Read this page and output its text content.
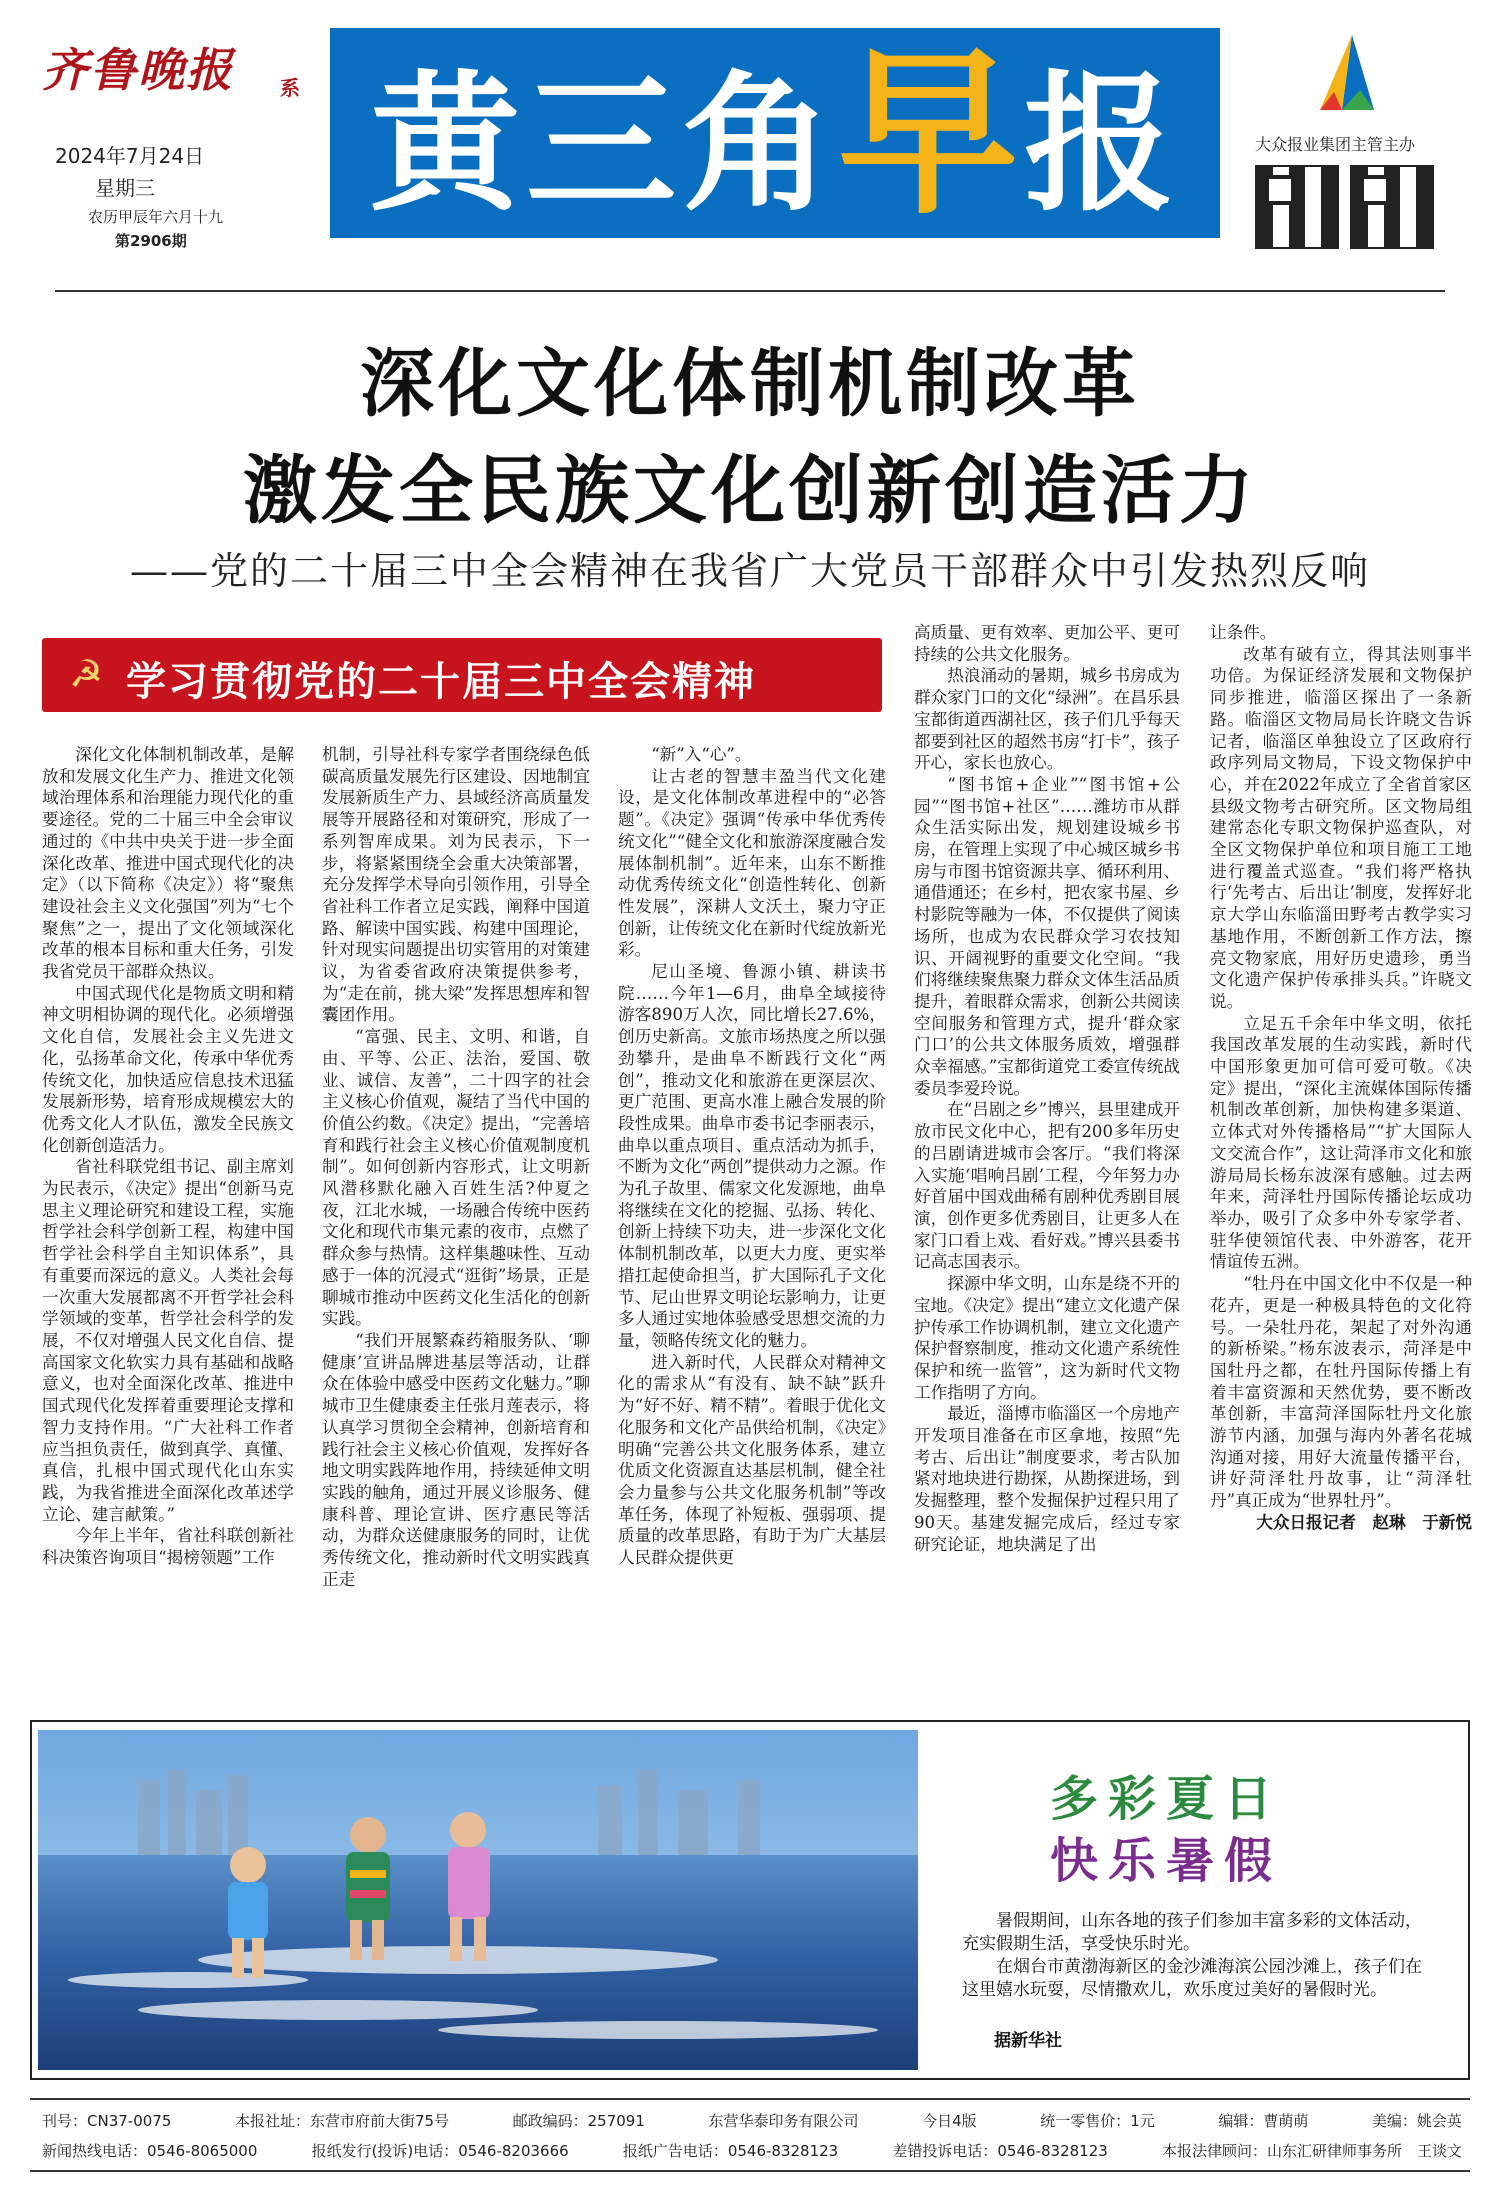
齐鲁晚报 系
2024年7月24日
星期三
农历甲辰年六月十九
第2906期
黄三角早报	大众报业集团主管主办
深化文化体制机制改革
激发全民族文化创新创造活力
——党的二十届三中全会精神在我省广大党员干部群众中引发热烈反响
☭ 学习贯彻党的二十届三中全会精神

深化文化体制机制改革，是解放和发展文化生产力、推进文化领域治理体系和治理能力现代化的重要途径。党的二十届三中全会审议通过的《中共中央关于进一步全面深化改革、推进中国式现代化的决定》（以下简称《决定》）将“聚焦建设社会主义文化强国”列为“七个聚焦”之一，提出了文化领域深化改革的根本目标和重大任务，引发我省党员干部群众热议。

中国式现代化是物质文明和精神文明相协调的现代化。必须增强文化自信，发展社会主义先进文化，弘扬革命文化，传承中华优秀传统文化，加快适应信息技术迅猛发展新形势，培育形成规模宏大的优秀文化人才队伍，激发全民族文化创新创造活力。

省社科联党组书记、副主席刘为民表示，《决定》提出“创新马克思主义理论研究和建设工程，实施哲学社会科学创新工程，构建中国哲学社会科学自主知识体系”，具有重要而深远的意义。人类社会每一次重大发展都离不开哲学社会科学领域的变革，哲学社会科学的发展，不仅对增强人民文化自信、提高国家文化软实力具有基础和战略意义，也对全面深化改革、推进中国式现代化发挥着重要理论支撑和智力支持作用。“广大社科工作者应当担负责任，做到真学、真懂、真信，扎根中国式现代化山东实践，为我省推进全面深化改革述学立论、建言献策。”

今年上半年，省社科联创新社科决策咨询项目“揭榜领题”工作

机制，引导社科专家学者围绕绿色低碳高质量发展先行区建设、因地制宜发展新质生产力、县域经济高质量发展等开展路径和对策研究，形成了一系列智库成果。刘为民表示，下一步，将紧紧围绕全会重大决策部署，充分发挥学术导向引领作用，引导全省社科工作者立足实践，阐释中国道路、解读中国实践、构建中国理论，针对现实问题提出切实管用的对策建议，为省委省政府决策提供参考，为“走在前，挑大梁”发挥思想库和智囊团作用。

“富强、民主、文明、和谐，自由、平等、公正、法治，爱国、敬业、诚信、友善”，二十四字的社会主义核心价值观，凝结了当代中国的价值公约数。《决定》提出，“完善培育和践行社会主义核心价值观制度机制”。如何创新内容形式，让文明新风潜移默化融入百姓生活?仲夏之夜，江北水城，一场融合传统中医药文化和现代市集元素的夜市，点燃了群众参与热情。这样集趣味性、互动感于一体的沉浸式“逛街”场景，正是聊城市推动中医药文化生活化的创新实践。

“我们开展繁森药箱服务队、‘聊健康’宣讲品牌进基层等活动，让群众在体验中感受中医药文化魅力。”聊城市卫生健康委主任张月莲表示，将认真学习贯彻全会精神，创新培育和践行社会主义核心价值观，发挥好各地文明实践阵地作用，持续延伸文明实践的触角，通过开展义诊服务、健康科普、理论宣讲、医疗惠民等活动，为群众送健康服务的同时，让优秀传统文化，推动新时代文明实践真正走

“新”入“心”。

让古老的智慧丰盈当代文化建设，是文化体制改革进程中的“必答题”。《决定》强调“传承中华优秀传统文化”“健全文化和旅游深度融合发展体制机制”。近年来，山东不断推动优秀传统文化“创造性转化、创新性发展”，深耕人文沃土，聚力守正创新，让传统文化在新时代绽放新光彩。

尼山圣境、鲁源小镇、耕读书院……今年1—6月，曲阜全域接待游客890万人次，同比增长27.6%，创历史新高。文旅市场热度之所以强劲攀升，是曲阜不断践行文化“两创”，推动文化和旅游在更深层次、更广范围、更高水准上融合发展的阶段性成果。曲阜市委书记李丽表示，曲阜以重点项目、重点活动为抓手，不断为文化“两创”提供动力之源。作为孔子故里、儒家文化发源地，曲阜将继续在文化的挖掘、弘扬、转化、创新上持续下功夫，进一步深化文化体制机制改革，以更大力度、更实举措扛起使命担当，扩大国际孔子文化节、尼山世界文明论坛影响力，让更多人通过实地体验感受思想交流的力量，领略传统文化的魅力。

进入新时代，人民群众对精神文化的需求从“有没有、缺不缺”跃升为“好不好、精不精”。着眼于优化文化服务和文化产品供给机制，《决定》明确“完善公共文化服务体系，建立优质文化资源直达基层机制，健全社会力量参与公共文化服务机制”等改革任务，体现了补短板、强弱项、提质量的改革思路，有助于为广大基层人民群众提供更

高质量、更有效率、更加公平、更可持续的公共文化服务。

热浪涌动的暑期，城乡书房成为群众家门口的文化“绿洲”。在昌乐县宝都街道西湖社区，孩子们几乎每天都要到社区的超然书房“打卡”，孩子开心，家长也放心。

“图书馆+企业”“图书馆+公园”“图书馆+社区”……潍坊市从群众生活实际出发，规划建设城乡书房，在管理上实现了中心城区城乡书房与市图书馆资源共享、循环利用、通借通还；在乡村，把农家书屋、乡村影院等融为一体，不仅提供了阅读场所，也成为农民群众学习农技知识、开阔视野的重要文化空间。“我们将继续聚焦聚力群众文体生活品质提升，着眼群众需求，创新公共阅读空间服务和管理方式，提升‘群众家门口’的公共文体服务质效，增强群众幸福感。”宝都街道党工委宣传统战委员李爱玲说。

在“吕剧之乡”博兴，县里建成开放市民文化中心，把有200多年历史的吕剧请进城市会客厅。“我们将深入实施‘唱响吕剧’工程，今年努力办好首届中国戏曲稀有剧种优秀剧目展演，创作更多优秀剧目，让更多人在家门口看上戏、看好戏。”博兴县委书记高志国表示。

探源中华文明，山东是绕不开的宝地。《决定》提出“建立文化遗产保护传承工作协调机制，建立文化遗产保护督察制度，推动文化遗产系统性保护和统一监管”，这为新时代文物工作指明了方向。

最近，淄博市临淄区一个房地产开发项目准备在市区拿地，按照“先考古、后出让”制度要求，考古队加紧对地块进行勘探，从勘探进场，到发掘整理，整个发掘保护过程只用了90天。基建发掘完成后，经过专家研究论证，地块满足了出

让条件。

改革有破有立，得其法则事半功倍。为保证经济发展和文物保护同步推进，临淄区探出了一条新路。临淄区文物局局长许晓文告诉记者，临淄区单独设立了区政府行政序列局文物局，下设文物保护中心，并在2022年成立了全省首家区县级文物考古研究所。区文物局组建常态化专职文物保护巡查队，对全区文物保护单位和项目施工工地进行覆盖式巡查。“我们将严格执行‘先考古、后出让’制度，发挥好北京大学山东临淄田野考古教学实习基地作用，不断创新工作方法，擦亮文物家底，用好历史遗珍，勇当文化遗产保护传承排头兵。”许晓文说。

立足五千余年中华文明，依托我国改革发展的生动实践，新时代中国形象更加可信可爱可敬。《决定》提出，“深化主流媒体国际传播机制改革创新，加快构建多渠道、立体式对外传播格局”“扩大国际人文交流合作”，这让菏泽市文化和旅游局局长杨东波深有感触。过去两年来，菏泽牡丹国际传播论坛成功举办，吸引了众多中外专家学者、驻华使领馆代表、中外游客，花开情谊传五洲。

“牡丹在中国文化中不仅是一种花卉，更是一种极具特色的文化符号。一朵牡丹花，架起了对外沟通的新桥梁。”杨东波表示，菏泽是中国牡丹之都，在牡丹国际传播上有着丰富资源和天然优势，要不断改革创新，丰富菏泽国际牡丹文化旅游节内涵，加强与海内外著名花城沟通对接，用好大流量传播平台，讲好菏泽牡丹故事，让“菏泽牡丹”真正成为“世界牡丹”。

大众日报记者　赵琳　于新悦

多彩夏日
快乐暑假

暑假期间，山东各地的孩子们参加丰富多彩的文体活动，充实假期生活，享受快乐时光。

在烟台市黄渤海新区的金沙滩海滨公园沙滩上，孩子们在这里嬉水玩耍，尽情撒欢儿，欢乐度过美好的暑假时光。

据新华社
刊号：CN37-0075	本报社址：东营市府前大街75号	邮政编码：257091	东营华泰印务有限公司	今日4版	统一零售价：1元	编辑：曹萌萌	美编：姚会英
新闻热线电话：0546-8065000	报纸发行(投诉)电话：0546-8203666	报纸广告电话：0546-8328123	差错投诉电话：0546-8328123	本报法律顾问：山东汇研律师事务所　王谈文
